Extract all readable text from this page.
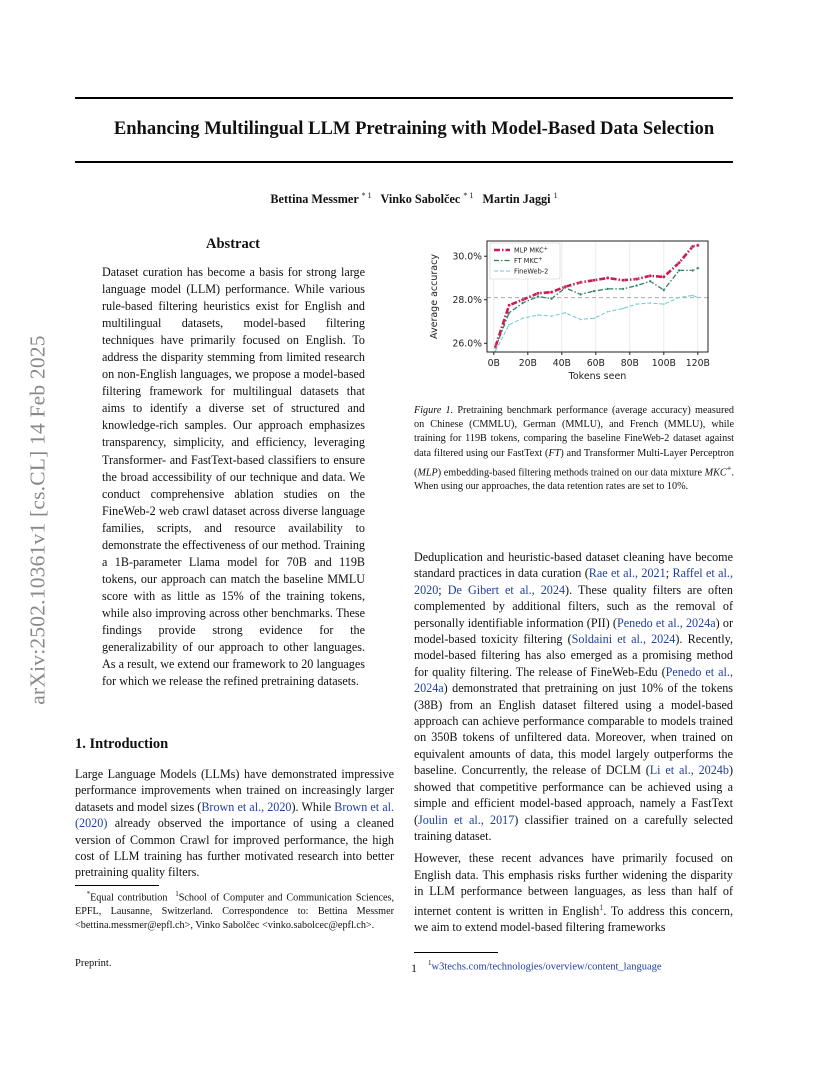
arXiv:2502.10361v1 [cs.CL] 14 Feb 2025
Enhancing Multilingual LLM Pretraining with Model-Based Data Selection
Bettina Messmer $^{* 1}$ Vinko Sabolčec $^{* 1}$ Martin Jaggi $^1$
Abstract

Dataset curation has become a basis for strong large language model (LLM) performance. While various rule-based filtering heuristics exist for English and multilingual datasets, model-based filtering techniques have primarily focused on English. To address the disparity stemming from limited research on non-English languages, we propose a model-based filtering framework for multilingual datasets that aims to identify a diverse set of structured and knowledge-rich samples. Our approach emphasizes transparency, simplicity, and efficiency, leveraging Transformer- and FastText-based classifiers to ensure the broad accessibility of our technique and data. We conduct comprehensive ablation studies on the FineWeb-2 web crawl dataset across diverse language families, scripts, and resource availability to demonstrate the effectiveness of our method. Training a 1B-parameter Llama model for 70B and 119B tokens, our approach can match the baseline MMLU score with as little as 15% of the training tokens, while also improving across other benchmarks. These findings provide strong evidence for the generalizability of our approach to other languages. As a result, we extend our framework to 20 languages for which we release the refined pretraining datasets.

1. Introduction

Large Language Models (LLMs) have demonstrated impressive performance improvements when trained on increasingly larger datasets and model sizes (Brown et al., 2020). While Brown et al. (2020) already observed the importance of using a cleaned version of Common Crawl for improved performance, the high cost of LLM training has further motivated research into better pretraining quality filters.

*Equal contribution  $^1$School of Computer and Communication Sciences, EPFL, Lausanne, Switzerland. Correspondence to: Bettina Messmer <bettina.messmer@epfl.ch>, Vinko Sabolčec <vinko.sabolcec@epfl.ch>.
Preprint.
26.0%
28.0%
30.0%
0B 20B 40B 60B 80B 100B 120B
Average accuracy
Tokens seen
MLP MKC+
FT MKC+
FineWeb-2
Figure 1. Pretraining benchmark performance (average accuracy) measured on Chinese (CMMLU), German (MMLU), and French (MMLU), while training for 119B tokens, comparing the baseline FineWeb-2 dataset against data filtered using our FastText (FT) and Transformer Multi-Layer Perceptron (MLP) embedding-based filtering methods trained on our data mixture MKC+. When using our approaches, the data retention rates are set to 10%.

Deduplication and heuristic-based dataset cleaning have become standard practices in data curation (Rae et al., 2021; Raffel et al., 2020; De Gibert et al., 2024). These quality filters are often complemented by additional filters, such as the removal of personally identifiable information (PII) (Penedo et al., 2024a) or model-based toxicity filtering (Soldaini et al., 2024). Recently, model-based filtering has also emerged as a promising method for quality filtering. The release of FineWeb-Edu (Penedo et al., 2024a) demonstrated that pretraining on just 10% of the tokens (38B) from an English dataset filtered using a model-based approach can achieve performance comparable to models trained on 350B tokens of unfiltered data. Moreover, when trained on equivalent amounts of data, this model largely outperforms the baseline. Concurrently, the release of DCLM (Li et al., 2024b) showed that competitive performance can be achieved using a simple and efficient model-based approach, namely a FastText (Joulin et al., 2017) classifier trained on a carefully selected training dataset.

However, these recent advances have primarily focused on English data. This emphasis risks further widening the disparity in LLM performance between languages, as less than half of internet content is written in English$^1$. To address this concern, we aim to extend model-based filtering frameworks

$^1$w3techs.com/technologies/overview/content_language
1
